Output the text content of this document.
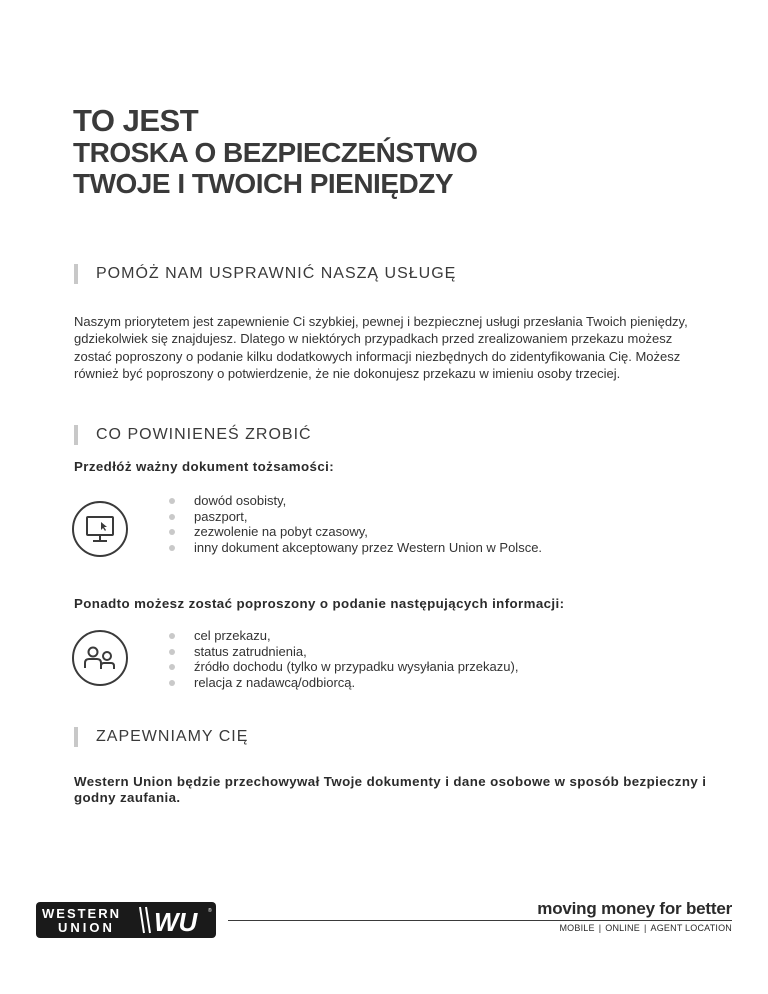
TO JEST
TROSKA O BEZPIECZEŃSTWO
TWOJE I TWOICH PIENIĘDZY
POMÓŻ NAM USPRAWNIĆ NASZĄ USŁUGĘ

Naszym priorytetem jest zapewnienie Ci szybkiej, pewnej i bezpiecznej usługi przesłania Twoich pieniędzy, gdziekolwiek się znajdujesz. Dlatego w niektórych przypadkach przed zrealizowaniem przekazu możesz zostać poproszony o podanie kilku dodatkowych informacji niezbędnych do zidentyfikowania Cię. Możesz również być poproszony o potwierdzenie, że nie dokonujesz przekazu w imieniu osoby trzeciej.

CO POWINIENEŚ ZROBIĆ
Przedłóż ważny dokument tożsamości:
dowód osobisty,
paszport,
zezwolenie na pobyt czasowy,
inny dokument akceptowany przez Western Union w Polsce.
Ponadto możesz zostać poproszony o podanie następujących informacji:
cel przekazu,
status zatrudnienia,
źródło dochodu (tylko w przypadku wysyłania przekazu),
relacja z nadawcą/odbiorcą.
ZAPEWNIAMY CIĘ

Western Union będzie przechowywał Twoje dokumenty i dane osobowe w sposób bezpieczny i godny zaufania.

WESTERN
UNION WU ®	moving money for better
MOBILE | ONLINE | AGENT LOCATION
